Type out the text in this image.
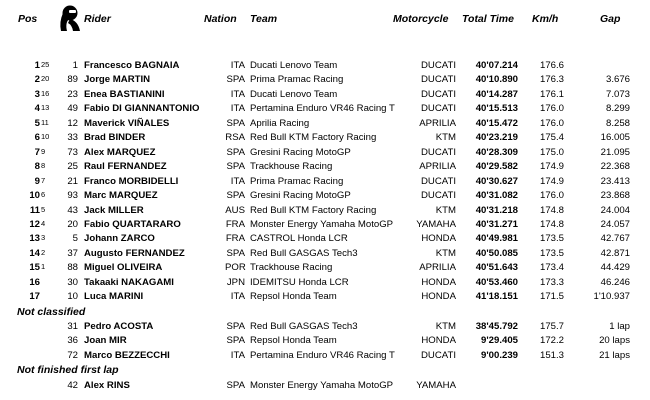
Pos	Rider	Nation Team	Motorcycle Total Time Km/h	Gap
1 25	1 Francesco BAGNAIA	ITA Ducati Lenovo Team	DUCATI	40'07.214	176.6
2 20	89 Jorge MARTIN	SPA Prima Pramac Racing	DUCATI	40'10.890	176.3	3.676
3 16	23 Enea BASTIANINI	ITA Ducati Lenovo Team	DUCATI	40'14.287	176.1	7.073
4 13	49 Fabio DI GIANNANTONIO	ITA Pertamina Enduro VR46 Racing T	DUCATI	40'15.513	176.0	8.299
5 11	12 Maverick VIÑALES	SPA Aprilia Racing	APRILIA	40'15.472	176.0	8.258
6 10	33 Brad BINDER	RSA Red Bull KTM Factory Racing	KTM	40'23.219	175.4	16.005
7 9	73 Alex MARQUEZ	SPA Gresini Racing MotoGP	DUCATI	40'28.309	175.0	21.095
8 8	25 Raul FERNANDEZ	SPA Trackhouse Racing	APRILIA	40'29.582	174.9	22.368
9 7	21 Franco MORBIDELLI	ITA Prima Pramac Racing	DUCATI	40'30.627	174.9	23.413
10 6	93 Marc MARQUEZ	SPA Gresini Racing MotoGP	DUCATI	40'31.082	176.0	23.868
11 5	43 Jack MILLER	AUS Red Bull KTM Factory Racing	KTM	40'31.218	174.8	24.004
12 4	20 Fabio QUARTARARO	FRA Monster Energy Yamaha MotoGP	YAMAHA	40'31.271	174.8	24.057
13 3	5 Johann ZARCO	FRA CASTROL Honda LCR	HONDA	40'49.981	173.5	42.767
14 2	37 Augusto FERNANDEZ	SPA Red Bull GASGAS Tech3	KTM	40'50.085	173.5	42.871
15 1	88 Miguel OLIVEIRA	POR Trackhouse Racing	APRILIA	40'51.643	173.4	44.429
16	30 Takaaki NAKAGAMI	JPN IDEMITSU Honda LCR	HONDA	40'53.460	173.3	46.246
17	10 Luca MARINI	ITA Repsol Honda Team	HONDA	41'18.151	171.5	1'10.937
Not classified
31 Pedro ACOSTA	SPA Red Bull GASGAS Tech3	KTM	38'45.792	175.7	1 lap
36 Joan MIR	SPA Repsol Honda Team	HONDA	9'29.405	172.2	20 laps
72 Marco BEZZECCHI	ITA Pertamina Enduro VR46 Racing T	DUCATI	9'00.239	151.3	21 laps
Not finished first lap
42 Alex RINS	SPA Monster Energy Yamaha MotoGP	YAMAHA
